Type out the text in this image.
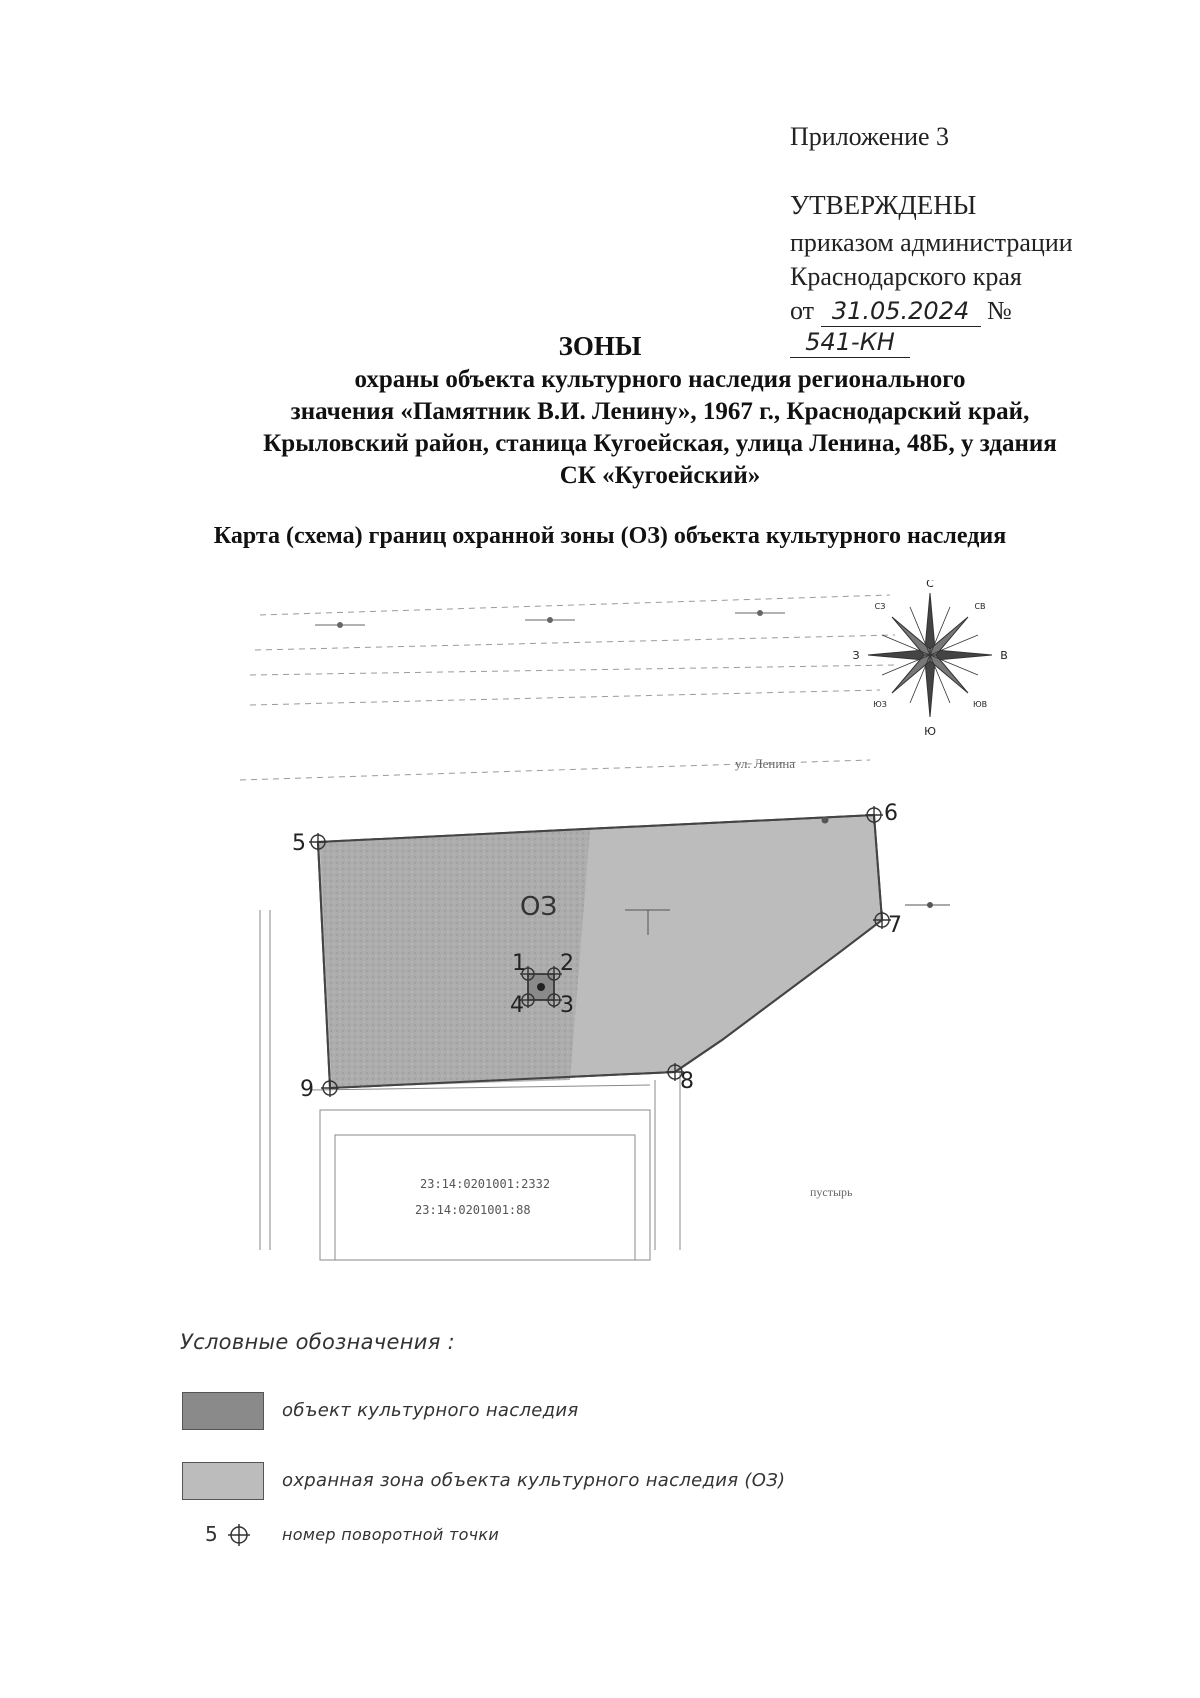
Приложение 3
УТВЕРЖДЕНЫ
приказом администрации
Краснодарского края
от 31.05.2024 № 541-КН
ЗОНЫ
охраны объекта культурного наследия регионального
значения «Памятник В.И. Ленину», 1967 г., Краснодарский край,
Крыловский район, станица Кугоейская, улица Ленина, 48Б, у здания
СК «Кугоейский»
Карта (схема) границ охранной зоны (ОЗ) объекта культурного наследия
ул. Ленина
23:14:0201001:2332
23:14:0201001:88
пустырь
ОЗ
1 2
3
4
5
6
7
8
9
С
Ю
В
З
СЗ	СВ
ЮЗ	ЮВ
Условные обозначения :
объект культурного наследия
охранная зона объекта культурного наследия (ОЗ)
5	номер поворотной точки
